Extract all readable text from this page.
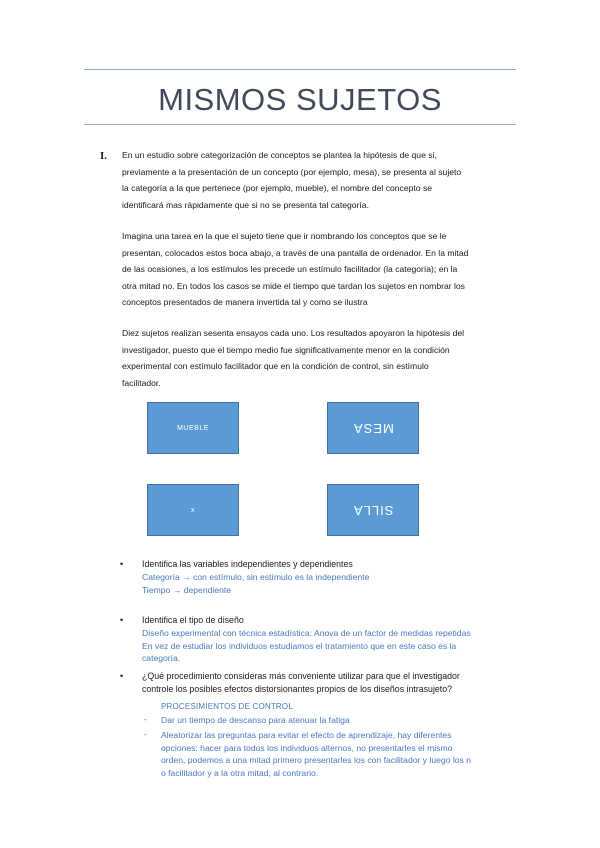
MISMOS SUJETOS
I. En un estudio sobre categorización de conceptos se plantea la hipótesis de que si,
previamente a la presentación de un concepto (por ejemplo, mesa), se presenta al sujeto
la categoría a la que pertenece (por ejemplo, mueble), el nombre del concepto se
identificará mas rápidamente que si no se presenta tal categoría.
Imagina una tarea en la que el sujeto tiene que ir nombrando los conceptos que se le
presentan, colocados estos boca abajo, a través de una pantalla de ordenador. En la mitad
de las ocasiones, a los estímulos les precede un estímulo facilitador (la categoría); en la
otra mitad no. En todos los casos se mide el tiempo que tardan los sujetos en nombrar los
conceptos presentados de manera invertida tal y como se ilustra
Diez sujetos realizan sesenta ensayos cada uno. Los resultados apoyaron la hipótesis del
investigador, puesto que el tiempo medio fue significativamente menor en la condición
experimental con estímulo facilitador que en la condición de control, sin estímulo
facilitador.
MUEBLE	MESA
x	SILLA
• Identifica las variables independientes y dependientes
Categoría → con estímulo, sin estímulo es la independiente
Tiempo → dependiente
• Identifica el tipo de diseño
Diseño experimental con técnica estadística: Anova de un factor de medidas repetidas
En vez de estudiar los individuos estudiamos el tratamiento que en este caso es la
categoría.
• ¿Qué procedimiento consideras más conveniente utilizar para que el investigador
controle los posibles efectos distorsionantes propios de los diseños intrasujeto?
PROCESIMIENTOS DE CONTROL
- Dar un tiempo de descanso para atenuar la fatiga
- Aleatorizar las preguntas para evitar el efecto de aprendizaje, hay diferentes
opciones: hacer para todos los individuos alternos, no presentarles el mismo
orden, podemos a una mitad primero presentarles los con facilitador y luego los n
o facilitador y a la otra mitad, al contrario.
